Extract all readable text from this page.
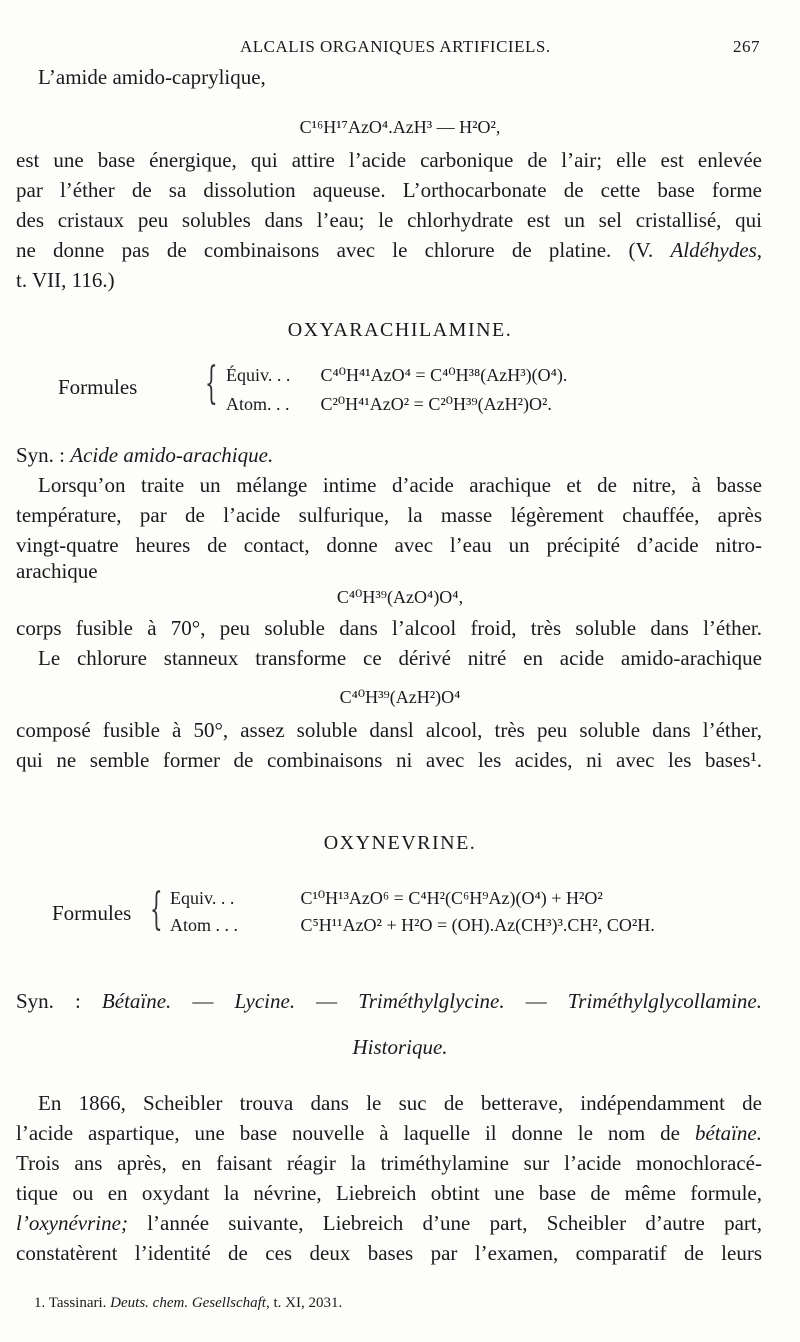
ALCALIS ORGANIQUES ARTIFICIELS.	267
L’amide amido-caprylique,
C¹⁶H¹⁷AzO⁴.AzH³ — H²O²,
est une base énergique, qui attire l’acide carbonique de l’air; elle est enlevée
par l’éther de sa dissolution aqueuse. L’orthocarbonate de cette base forme
des cristaux peu solubles dans l’eau; le chlorhydrate est un sel cristallisé, qui
ne donne pas de combinaisons avec le chlorure de platine. (V. Aldéhydes,
t. VII, 116.)
OXYARACHILAMINE.
Formules { Équiv. . . C⁴⁰H⁴¹AzO⁴ = C⁴⁰H³⁸(AzH³)(O⁴).
Atom. . . C²⁰H⁴¹AzO² = C²⁰H³⁹(AzH²)O².
Syn. : Acide amido-arachique.
Lorsqu’on traite un mélange intime d’acide arachique et de nitre, à basse
température, par de l’acide sulfurique, la masse légèrement chauffée, après
vingt-quatre heures de contact, donne avec l’eau un précipité d’acide nitro-
arachique
C⁴⁰H³⁹(AzO⁴)O⁴,
corps fusible à 70°, peu soluble dans l’alcool froid, très soluble dans l’éther.
Le chlorure stanneux transforme ce dérivé nitré en acide amido-arachique
C⁴⁰H³⁹(AzH²)O⁴
composé fusible à 50°, assez soluble dansl alcool, très peu soluble dans l’éther,
qui ne semble former de combinaisons ni avec les acides, ni avec les bases¹.
OXYNEVRINE.
Formules { Equiv. . .	C¹⁰H¹³AzO⁶ = C⁴H²(C⁶H⁹Az)(O⁴) + H²O²
Atom . . .	C⁵H¹¹AzO² + H²O = (OH).Az(CH³)³.CH², CO²H.
Syn. : Bétaïne. — Lycine. — Triméthylglycine. — Triméthylglycollamine.
Historique.
En 1866, Scheibler trouva dans le suc de betterave, indépendamment de
l’acide aspartique, une base nouvelle à laquelle il donne le nom de bétaïne.
Trois ans après, en faisant réagir la triméthylamine sur l’acide monochloracé-
tique ou en oxydant la névrine, Liebreich obtint une base de même formule,
l’oxynévrine; l’année suivante, Liebreich d’une part, Scheibler d’autre part,
constatèrent l’identité de ces deux bases par l’examen, comparatif de leurs
1. Tassinari. Deuts. chem. Gesellschaft, t. XI, 2031.
